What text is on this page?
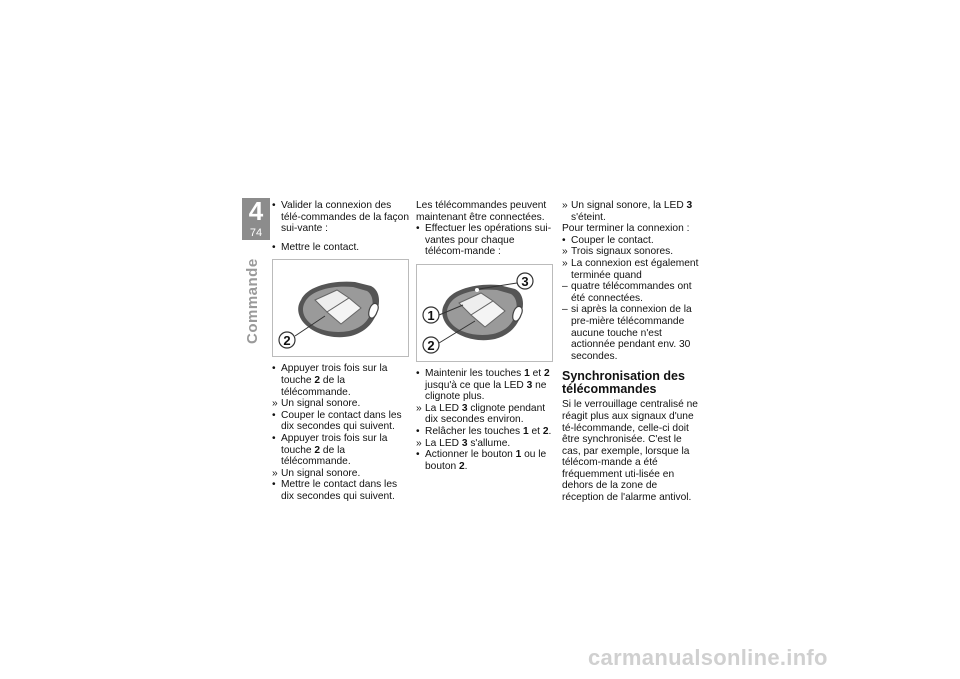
4
74
Commande

• Valider la connexion des télé-commandes de la façon sui-vante :

• Mettre le contact.

2

• Appuyer trois fois sur la touche 2 de la télécommande.

» Un signal sonore.

• Couper le contact dans les dix secondes qui suivent.

• Appuyer trois fois sur la touche 2 de la télécommande.

» Un signal sonore.

• Mettre le contact dans les dix secondes qui suivent.

Les télécommandes peuvent maintenant être connectées.

• Effectuer les opérations sui-vantes pour chaque télécom-mande :

1
2
3

• Maintenir les touches 1 et 2 jusqu'à ce que la LED 3 ne clignote plus.

» La LED 3 clignote pendant dix secondes environ.

• Relâcher les touches 1 et 2.

» La LED 3 s'allume.

• Actionner le bouton 1 ou le bouton 2.

» Un signal sonore, la LED 3 s'éteint.

Pour terminer la connexion :

• Couper le contact.

» Trois signaux sonores.

» La connexion est également terminée quand

– quatre télécommandes ont été connectées.

– si après la connexion de la pre-mière télécommande aucune touche n'est actionnée pendant env. 30 secondes.

Synchronisation des télécommandes

Si le verrouillage centralisé ne réagit plus aux signaux d'une té-lécommande, celle-ci doit être synchronisée. C'est le cas, par exemple, lorsque la télécom-mande a été fréquemment uti-lisée en dehors de la zone de réception de l'alarme antivol.

carmanualsonline.info
